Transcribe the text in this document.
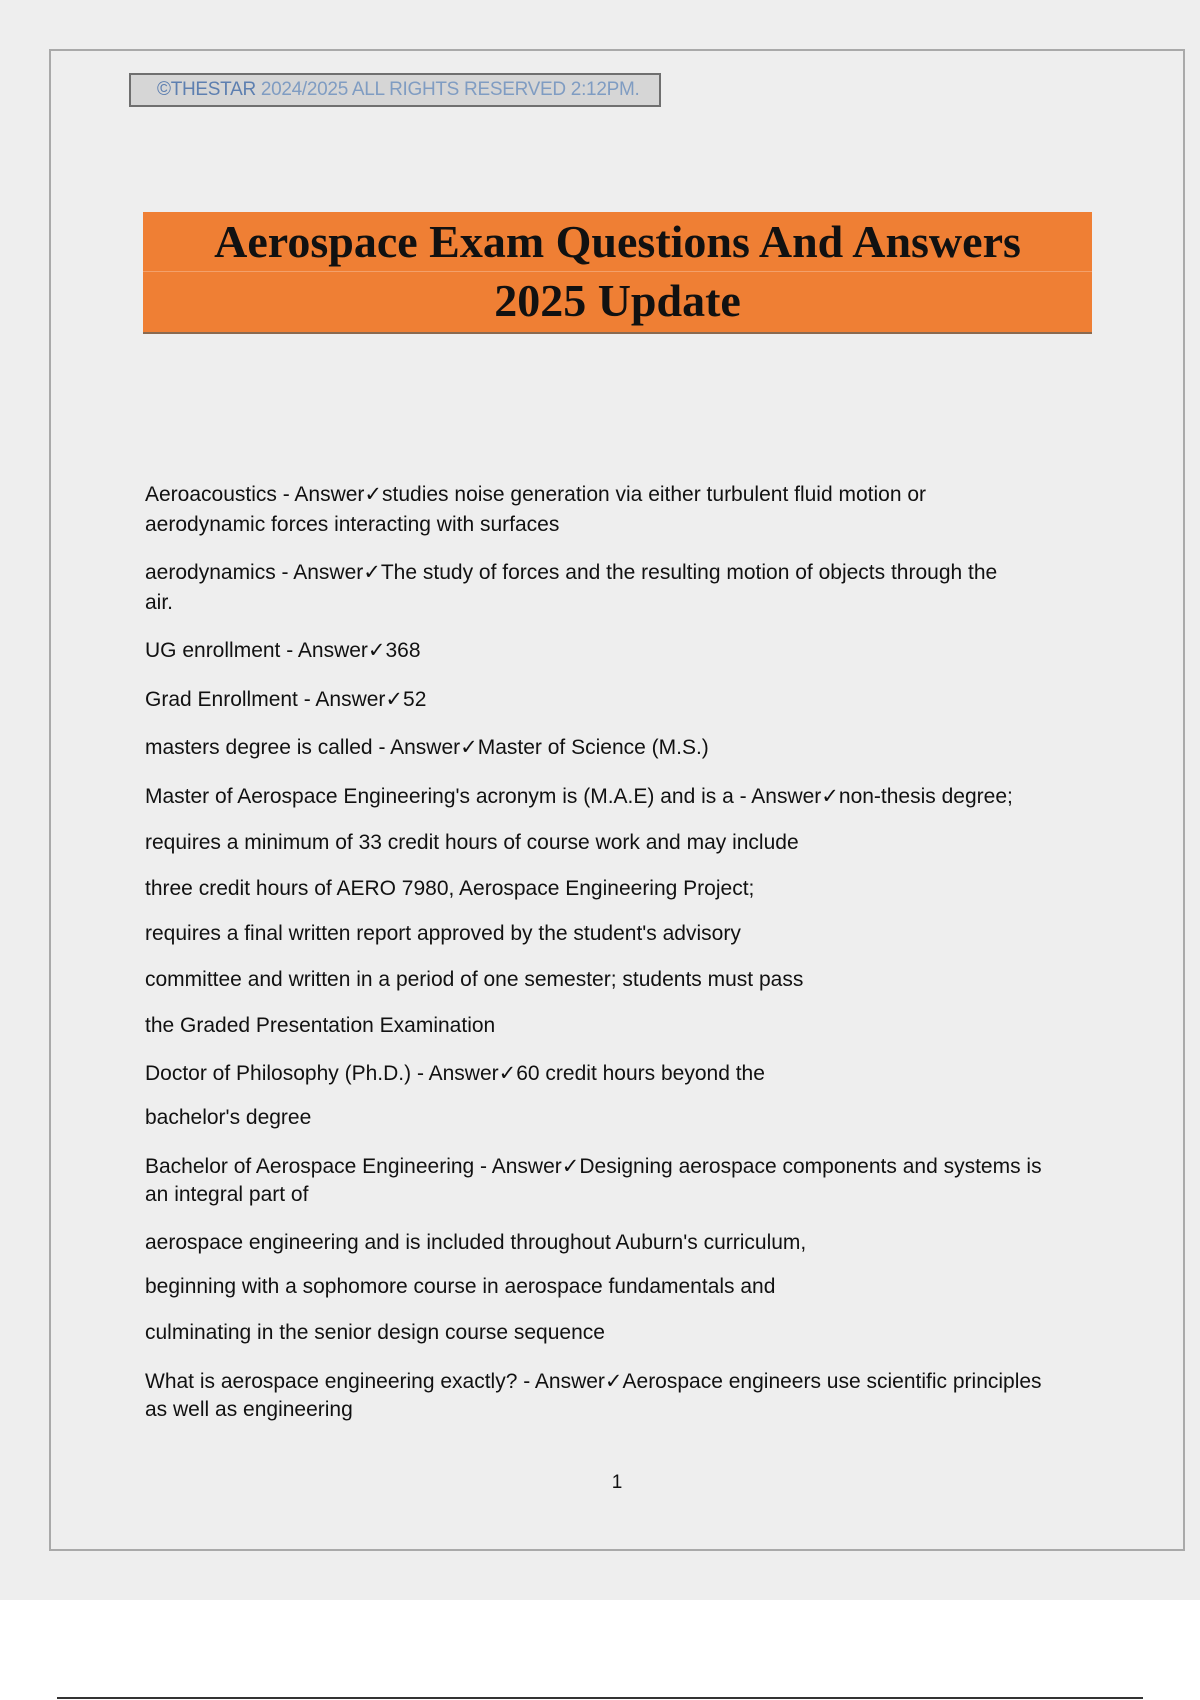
©THESTAR 2024/2025 ALL RIGHTS RESERVED 2:12PM.
Aerospace Exam Questions And Answers
2025 Update
Aeroacoustics - Answer✓studies noise generation via either turbulent fluid motion or
aerodynamic forces interacting with surfaces
aerodynamics - Answer✓The study of forces and the resulting motion of objects through the
air.
UG enrollment - Answer✓368
Grad Enrollment - Answer✓52
masters degree is called - Answer✓Master of Science (M.S.)
Master of Aerospace Engineering's acronym is (M.A.E) and is a - Answer✓non-thesis degree;
requires a minimum of 33 credit hours of course work and may include
three credit hours of AERO 7980, Aerospace Engineering Project;
requires a final written report approved by the student's advisory
committee and written in a period of one semester; students must pass
the Graded Presentation Examination
Doctor of Philosophy (Ph.D.) - Answer✓60 credit hours beyond the
bachelor's degree
Bachelor of Aerospace Engineering - Answer✓Designing aerospace components and systems is
an integral part of
aerospace engineering and is included throughout Auburn's curriculum,
beginning with a sophomore course in aerospace fundamentals and
culminating in the senior design course sequence
What is aerospace engineering exactly? - Answer✓Aerospace engineers use scientific principles
as well as engineering
1
